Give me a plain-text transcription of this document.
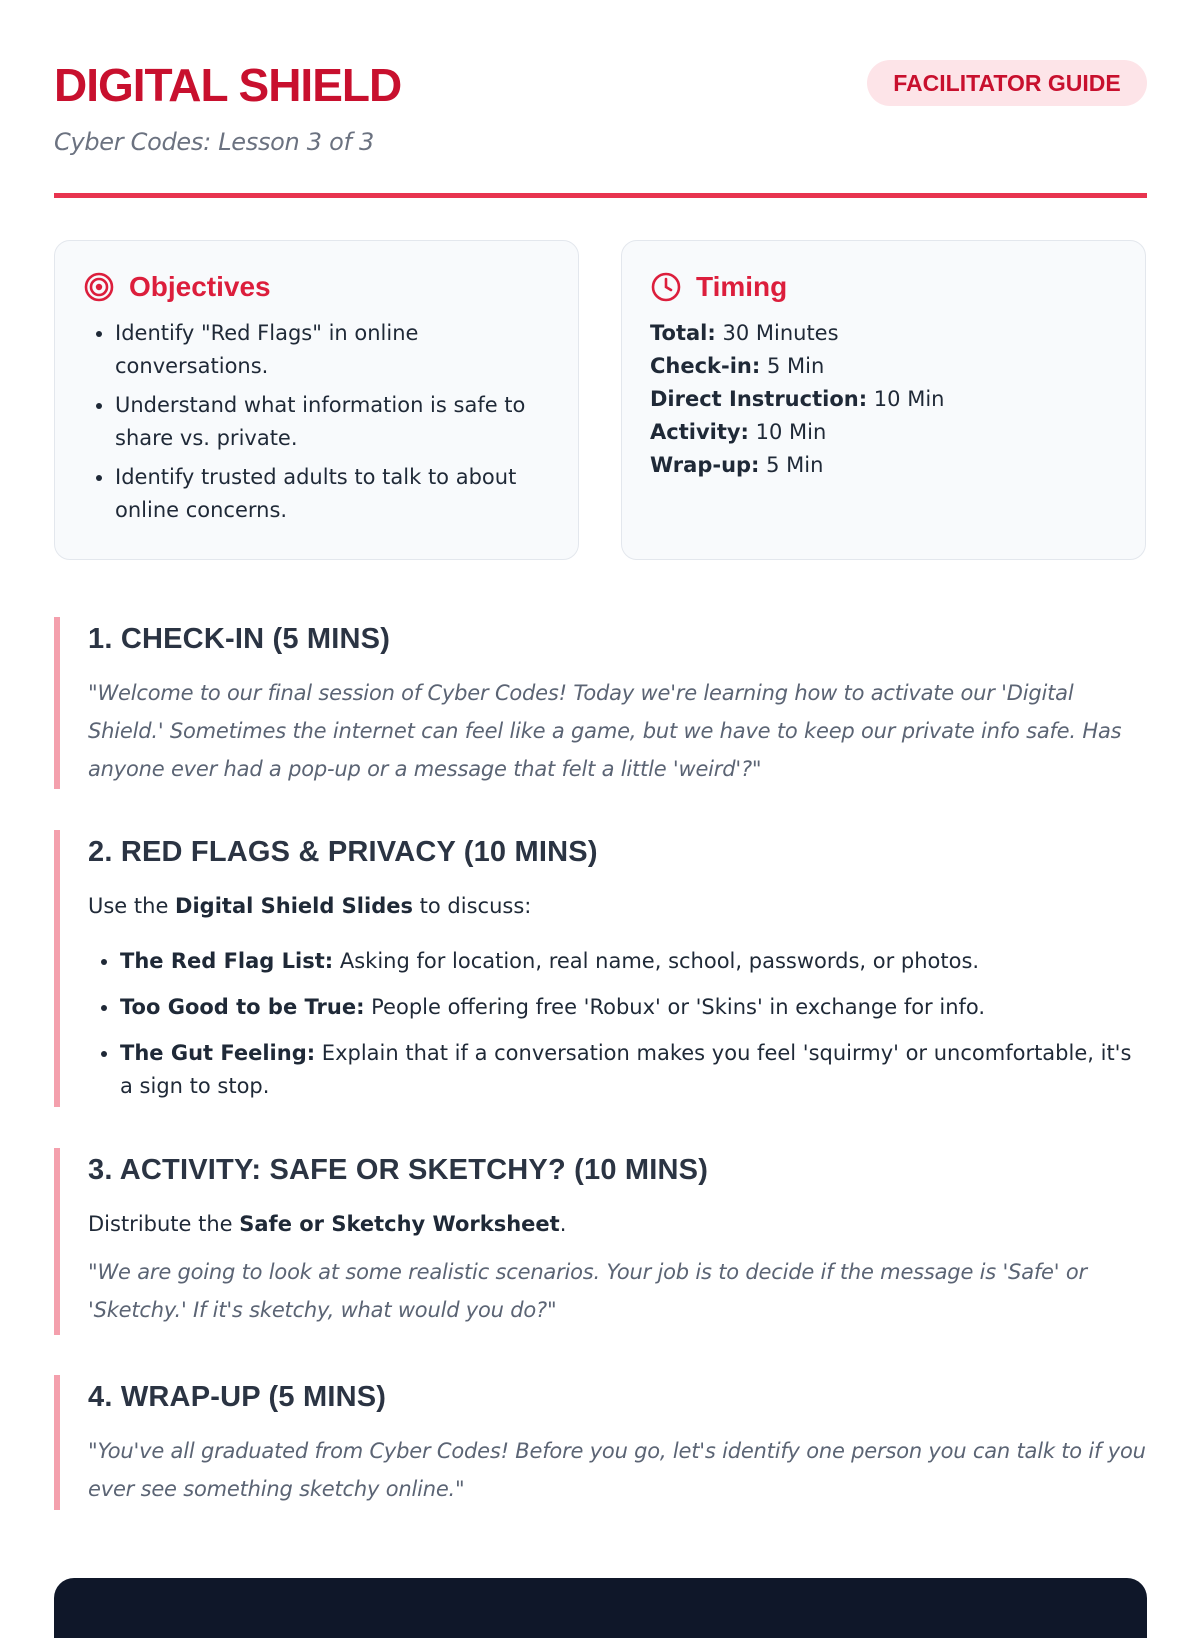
DIGITAL SHIELD

Cyber Codes: Lesson 3 of 3

FACILITATOR GUIDE
Objectives
• Identify "Red Flags" in online conversations.
• Understand what information is safe to share vs. private.
• Identify trusted adults to talk to about online concerns.
Timing
Total: 30 Minutes
Check-in: 5 Min
Direct Instruction: 10 Min
Activity: 10 Min
Wrap-up: 5 Min
1. CHECK-IN (5 MINS)

"Welcome to our final session of Cyber Codes! Today we're learning how to activate our 'Digital Shield.' Sometimes the internet can feel like a game, but we have to keep our private info safe. Has anyone ever had a pop-up or a message that felt a little 'weird'?"

2. RED FLAGS & PRIVACY (10 MINS)

Use the Digital Shield Slides to discuss:

• The Red Flag List: Asking for location, real name, school, passwords, or photos.
• Too Good to be True: People offering free 'Robux' or 'Skins' in exchange for info.
• The Gut Feeling: Explain that if a conversation makes you feel 'squirmy' or uncomfortable, it's a sign to stop.
3. ACTIVITY: SAFE OR SKETCHY? (10 MINS)

Distribute the Safe or Sketchy Worksheet.

"We are going to look at some realistic scenarios. Your job is to decide if the message is 'Safe' or 'Sketchy.' If it's sketchy, what would you do?"

4. WRAP-UP (5 MINS)

"You've all graduated from Cyber Codes! Before you go, let's identify one person you can talk to if you ever see something sketchy online."
